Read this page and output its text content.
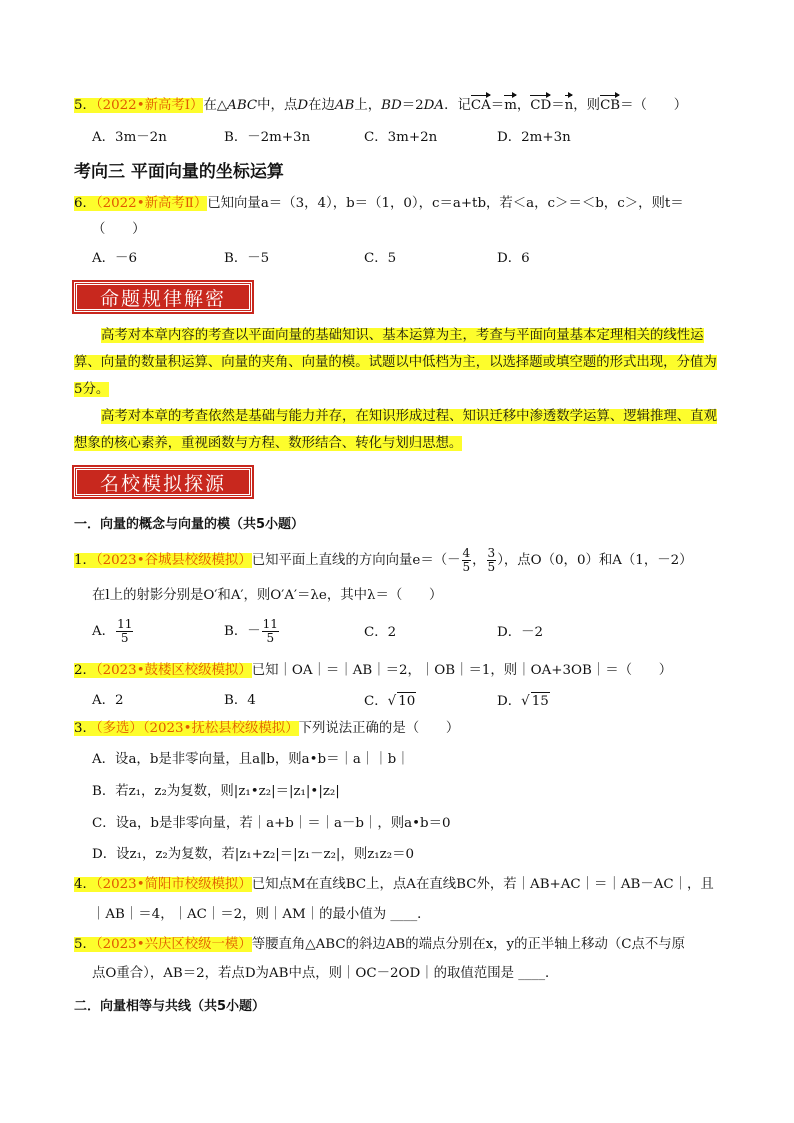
5．（2022•新高考Ⅰ）在△ABC中，点D在边AB上，BD＝2DA．记CA＝m，CD＝n，则CB＝（　　）
A．3m－2n	B．－2m+3n	C．3m+2n	D．2m+3n
考向三 平面向量的坐标运算
6．（2022•新高考Ⅱ）已知向量a＝（3，4），b＝（1，0），c＝a+tb，若＜a，c＞＝＜b，c＞，则t＝
（　　）
A．－6	B．－5	C．5	D．6
命题规律解密
高考对本章内容的考查以平面向量的基础知识、基本运算为主，考查与平面向量基本定理相关的线性运算、向量的数量积运算、向量的夹角、向量的模。试题以中低档为主，以选择题或填空题的形式出现，分值为5分。
高考对本章的考查依然是基础与能力并存，在知识形成过程、知识迁移中渗透数学运算、逻辑推理、直观想象的核心素养，重视函数与方程、数形结合、转化与划归思想。
名校模拟探源
一．向量的概念与向量的模（共5小题）
1．（2023•谷城县校级模拟）已知平面上直线的方向向量$e=(- \frac{4}{5}$ ， $\frac{3}{5}$ ），点O（0，0）和A（1，－2）
在l上的射影分别是O′和A′，则O′A′＝λe，其中λ＝（　　）
A． $\frac{11}{5}$	B．－ $\frac{11}{5}$	C．2	D．－2
2．（2023•鼓楼区校级模拟）已知｜OA｜＝｜AB｜＝2，｜OB｜＝1，则｜OA+3OB｜＝（　　）
A．2	B．4	C．√ 10	D．√ 15
3．（多选）（2023•抚松县校级模拟）下列说法正确的是（　　）
A．设a，b是非零向量，且a∥b，则a•b＝｜a｜｜b｜
B．若z₁，z₂为复数，则|z₁•z₂|＝|z₁|•|z₂|
C．设a，b是非零向量，若｜a+b｜＝｜a－b｜，则a•b＝0
D．设z₁，z₂为复数，若|z₁+z₂|＝|z₁－z₂|，则z₁z₂＝0
4．（2023•简阳市校级模拟）已知点M在直线BC上，点A在直线BC外，若｜AB+AC｜＝｜AB－AC｜，且
｜AB｜＝4，｜AC｜＝2，则｜AM｜的最小值为 ____．
5．（2023•兴庆区校级一模）等腰直角△ABC的斜边AB的端点分别在x，y的正半轴上移动（C点不与原
点O重合），AB＝2，若点D为AB中点，则｜OC－2OD｜的取值范围是 ____．
二．向量相等与共线（共5小题）
